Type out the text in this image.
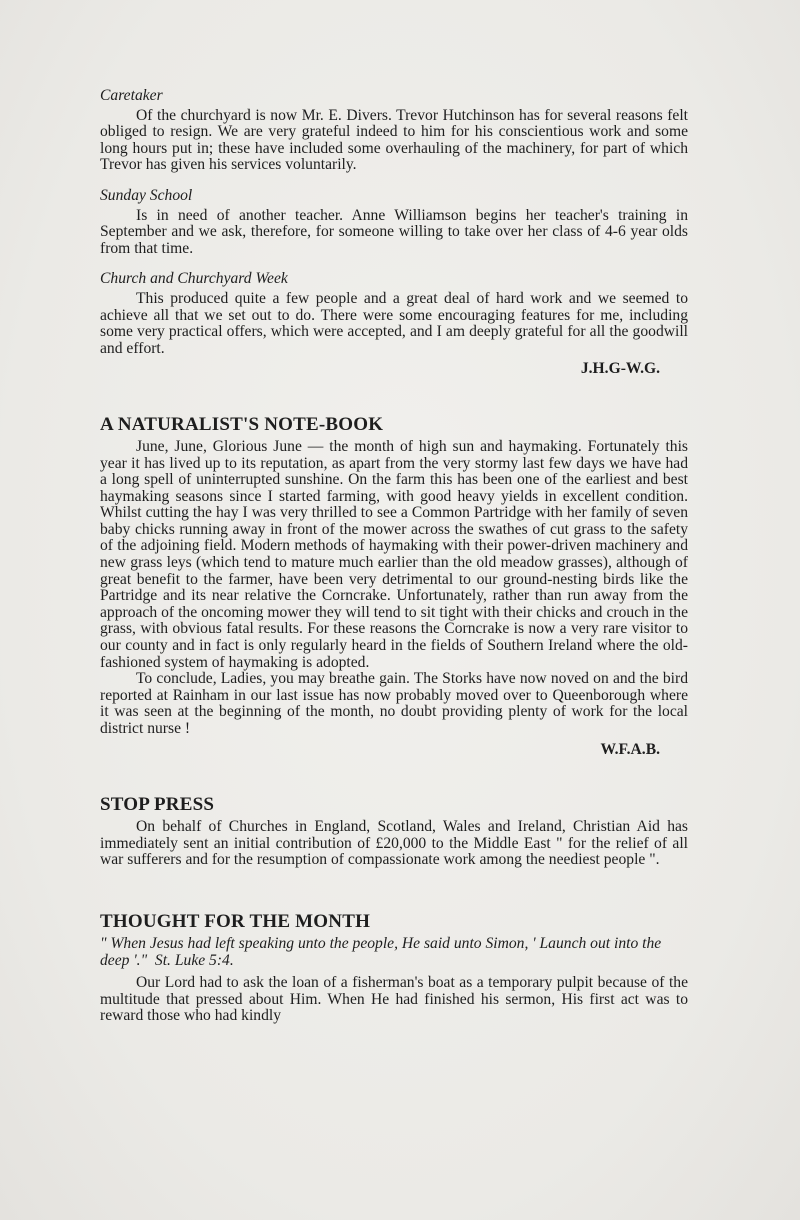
Caretaker

Of the churchyard is now Mr. E. Divers. Trevor Hutchinson has for several reasons felt obliged to resign. We are very grateful indeed to him for his conscientious work and some long hours put in; these have included some overhauling of the machinery, for part of which Trevor has given his services voluntarily.

Sunday School

Is in need of another teacher. Anne Williamson begins her teacher's training in September and we ask, therefore, for someone willing to take over her class of 4-6 year olds from that time.

Church and Churchyard Week

This produced quite a few people and a great deal of hard work and we seemed to achieve all that we set out to do. There were some encouraging features for me, including some very practical offers, which were accepted, and I am deeply grateful for all the goodwill and effort.

J.H.G-W.G.

A NATURALIST'S NOTE-BOOK

June, June, Glorious June — the month of high sun and haymaking. Fortunately this year it has lived up to its reputation, as apart from the very stormy last few days we have had a long spell of uninterrupted sunshine. On the farm this has been one of the earliest and best haymaking seasons since I started farming, with good heavy yields in excellent condition. Whilst cutting the hay I was very thrilled to see a Common Partridge with her family of seven baby chicks running away in front of the mower across the swathes of cut grass to the safety of the adjoining field. Modern methods of haymaking with their power-driven machinery and new grass leys (which tend to mature much earlier than the old meadow grasses), although of great benefit to the farmer, have been very detrimental to our ground-nesting birds like the Partridge and its near relative the Corncrake. Unfortunately, rather than run away from the approach of the oncoming mower they will tend to sit tight with their chicks and crouch in the grass, with obvious fatal results. For these reasons the Corncrake is now a very rare visitor to our county and in fact is only regularly heard in the fields of Southern Ireland where the old-fashioned system of haymaking is adopted.

To conclude, Ladies, you may breathe gain. The Storks have now noved on and the bird reported at Rainham in our last issue has now probably moved over to Queenborough where it was seen at the beginning of the month, no doubt providing plenty of work for the local district nurse !

W.F.A.B.

STOP PRESS

On behalf of Churches in England, Scotland, Wales and Ireland, Christian Aid has immediately sent an initial contribution of £20,000 to the Middle East " for the relief of all war sufferers and for the resumption of compassionate work among the neediest people ".

THOUGHT FOR THE MONTH

" When Jesus had left speaking unto the people, He said unto Simon, ' Launch out into the deep '." St. Luke 5:4.

Our Lord had to ask the loan of a fisherman's boat as a temporary pulpit because of the multitude that pressed about Him. When He had finished his sermon, His first act was to reward those who had kindly
